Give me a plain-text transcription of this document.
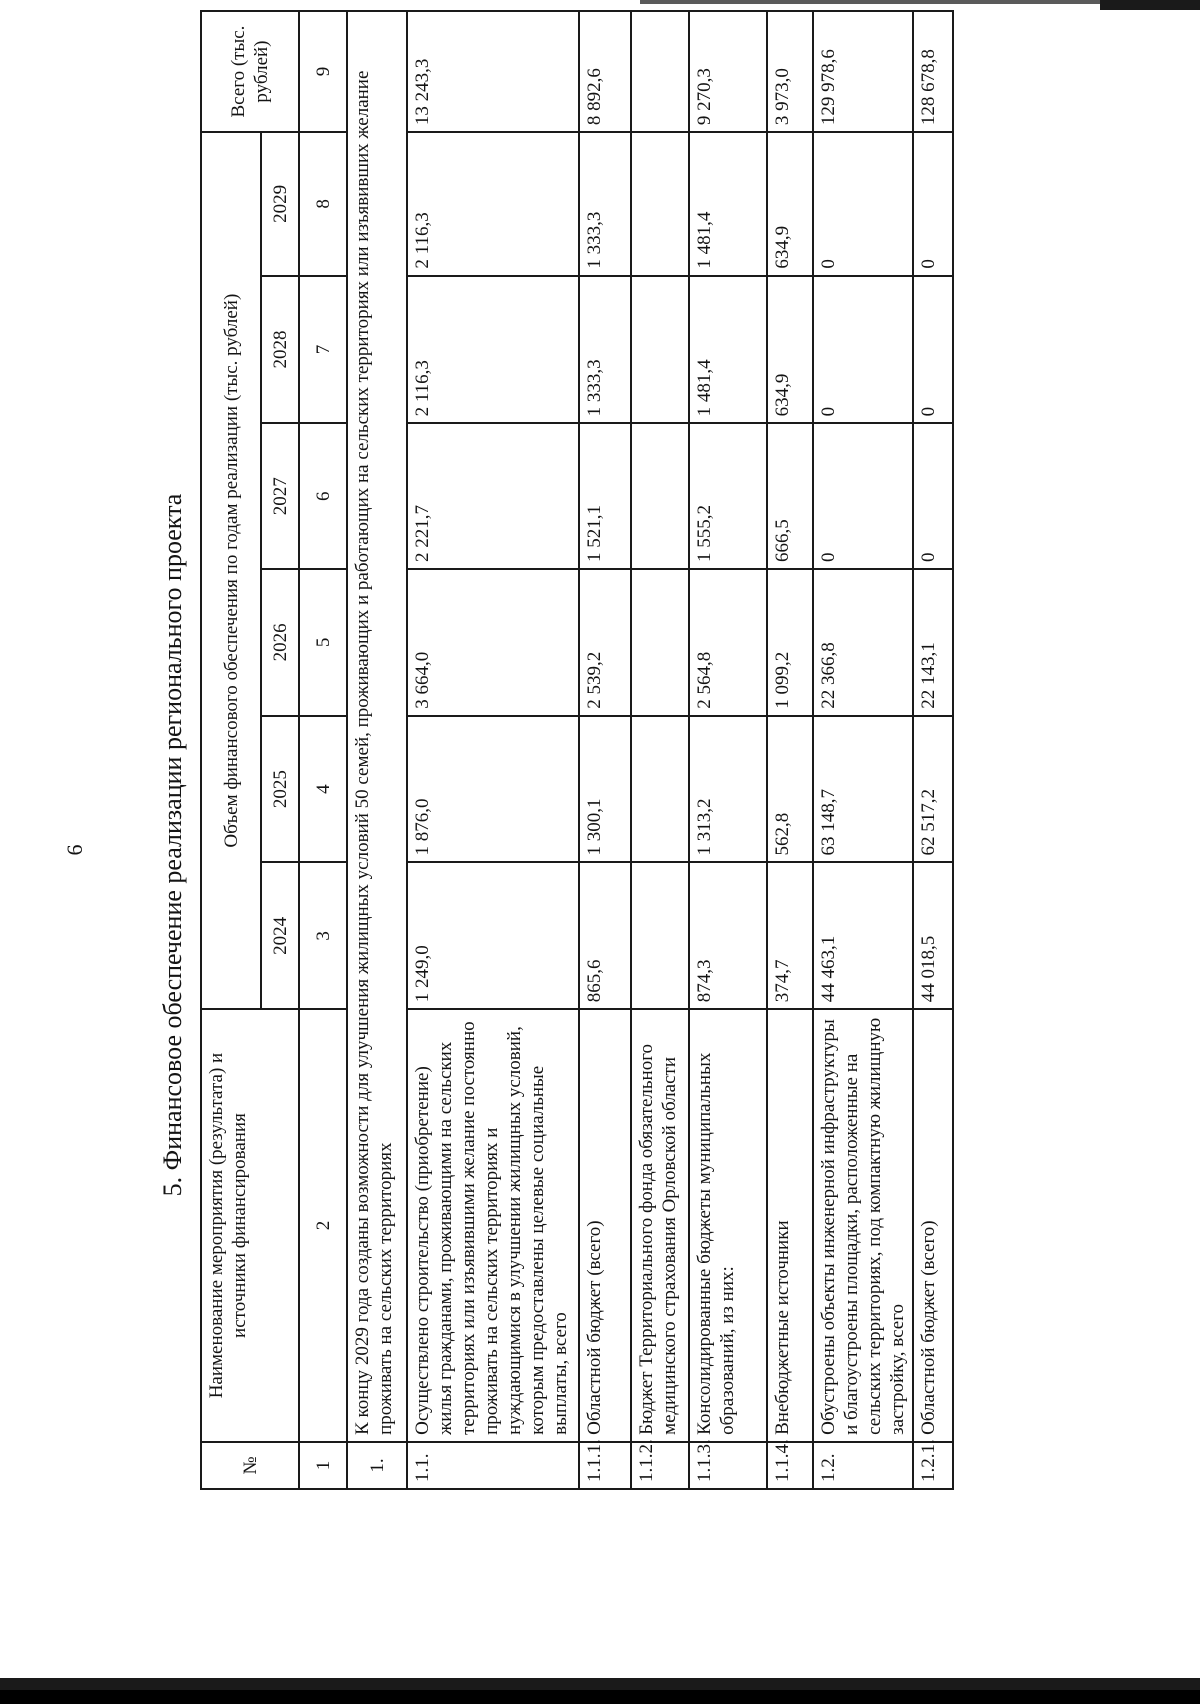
6	5. Финансовое обеспечение реализации регионального проекта
№	Наименование мероприятия (результата) и источники финансирования	Объем финансового обеспечения по годам реализации (тыс. рублей)						Всего (тыс. рублей)
		2024	2025	2026	2027	2028	2029	
1	2	3	4	5	6	7	8	9
1.	К концу 2029 года созданы возможности для улучшения жилищных условий 50 семей, проживающих и работающих на сельских территориях или изъявивших желание проживать на сельских территориях							
1.1.	Осуществлено строительство (приобретение) жилья гражданами, проживающими на сельских территориях или изъявившими желание постоянно проживать на сельских территориях и нуждающимися в улучшении жилищных условий, которым предоставлены целевые социальные выплаты, всего	1 249,0	1 876,0	3 664,0	2 221,7	2 116,3	2 116,3	13 243,3
1.1.1.	Областной бюджет (всего)	865,6	1 300,1	2 539,2	1 521,1	1 333,3	1 333,3	8 892,6
1.1.2.	Бюджет Территориального фонда обязательного медицинского страхования Орловской области							
1.1.3.	Консолидированные бюджеты муниципальных образований, из них:	874,3	1 313,2	2 564,8	1 555,2	1 481,4	1 481,4	9 270,3
1.1.4.	Внебюджетные источники	374,7	562,8	1 099,2	666,5	634,9	634,9	3 973,0
1.2.	Обустроены объекты инженерной инфраструктуры и благоустроены площадки, расположенные на сельских территориях, под компактную жилищную застройку, всего	44 463,1	63 148,7	22 366,8	0	0	0	129 978,6
1.2.1.	Областной бюджет (всего)	44 018,5	62 517,2	22 143,1	0	0	0	128 678,8
